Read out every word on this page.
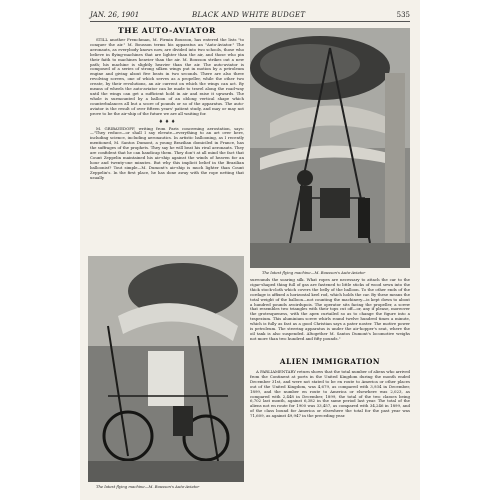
JAN. 26, 1901	BLACK AND WHITE BUDGET	535
THE AUTO-AVIATOR

STILL another Frenchman, M. Firmin Bousson, has entered the lists "to conquer the air." M. Bousson terms his apparatus an "Auto-Aviator." The aeronauts, as everybody knows now, are divided into two schools, those who believe in flying-machines that are lighter than the air, and those who pin their faith to machines heavier than the air. M. Bousson strikes out a new path; his machine is slightly heavier than the air. The auto-aviator is composed of a series of strong silken wings put in motion by a petroleum engine and giving about five beats in two seconds. There are also three revolving screws, one of which serves as a propeller, while the other two create, by their revolutions, an air current on which the wings can act. By means of wheels the auto-aviator can be made to travel along the road-way until the wings can get a sufficient hold in air and raise it upwards. The whole is surmounted by a balloon of an oblong vertical shape which counterbalances all but a score of pounds or so of the apparatus. The auto-aviator is the result of over fifteen years' patient study, and may or may not prove to be the air-ship of the future we are all waiting for.

♦ ♦ ♦

M. GRIBAYEDOFF, writing from Paris concerning aerostation, says:—"They reduce—or shall I say elevate—everything to an art over here, including science, including aeronautics. In artistic ballooning, as I recently mentioned, M. Santos Dumont, a young Brazilian domiciled in France, has the suffrages of the prophets. They say he will beat his rival aeronauts. They are confident that he can handicap them. They don't at all mind the fact that Count Zeppelin maintained his air-ship against the winds of heaven for an hour and twenty-one minutes. But why this implicit belief in the Brazilian balloonist? Tout simple—M. Dumont's air-ship is much lighter than Count Zeppelin's. In the first place, he has done away with the rope netting that usually

The latest flying machine—M. Bousson's Auto-Aviator
The latest flying machine—M. Bousson's Auto-Aviator

surrounds the soaring silk. What ropes are necessary to attach the car to the cigar-shaped thing full of gas are fastened to little sticks of wood sewn into the thick stock-cloth which covers the belly of the balloon. To the other ends of the cordage is affixed a horizontal keel rod, which holds the car. By these means the total weight of the balloon—not counting the machinery—is kept down to about a hundred pounds avoirdupois. The operator sits facing the propeller, a screw that resembles two triangles with their tops cut off—or, any if please, moreover the grotesqueness, with the apex curtailed so as to change the figure into a trapezium. This aluminium screw whirls round twelve hundred times a minute, which is fully as fast as a good Christian says a pater noster. The motive power is petroleum. The steering apparatus is under the air-hopper's seat, where the oil tank is also suspended. Altogether M. Santos Dumont's locomotive weighs not more than two hundred and fifty pounds."

ALIEN IMMIGRATION

A PARLIAMENTARY return shows that the total number of aliens who arrived from the Continent at ports in the United Kingdom during the month ended December 31st, and were not stated to be en route to America or other places out of the United Kingdom, was 4,679, as compared with 3,934 in December, 1899, and the number en route to America or elsewhere was 2,023, as compared with 2,448 in December, 1899, the total of the two classes being 6,702 last month, against 6,382 in the same period last year. The total of the aliens not en route for 1900 was 33,457, as compared with 34,246 in 1899, and of the class bound for America or elsewhere the total for the past year was 71,609, as against 49,947 in the preceding year.
